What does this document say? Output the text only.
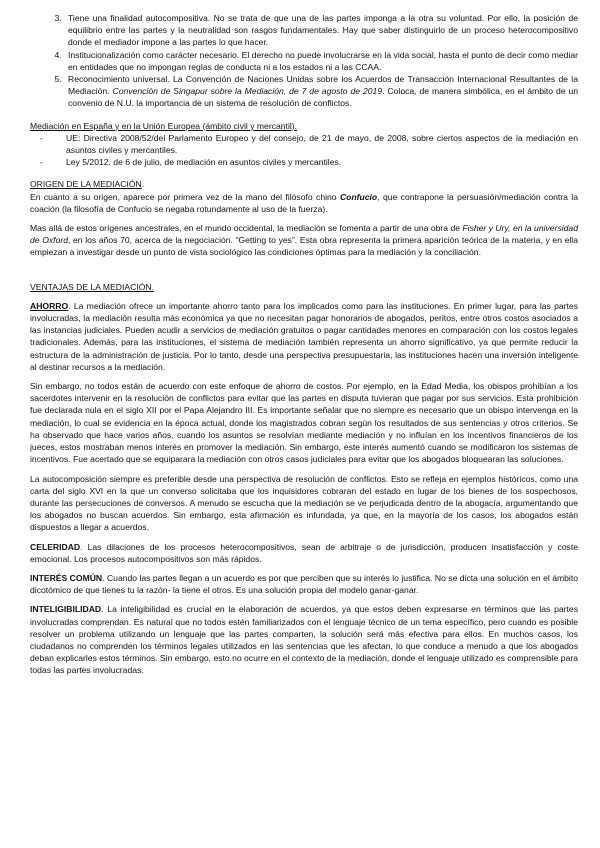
3. Tiene una finalidad autocompositiva. No se trata de que una de las partes imponga a la otra su voluntad. Por ello, la posición de equilibrio entre las partes y la neutralidad son rasgos fundamentales. Hay que saber distinguirlo de un proceso heterocompositivo donde el mediador impone a las partes lo que hacer.
4. Institucionalización como carácter necesario. El derecho no puede involucrarse en la vida social, hasta el punto de decir como mediar en entidades que no impongan reglas de conducta ni a los estados ni a las CCAA.
5. Reconocimiento universal. La Convención de Naciones Unidas sobre los Acuerdos de Transacción Internacional Resultantes de la Mediación. Convención de Singapur sobre la Mediación, de 7 de agosto de 2019. Coloca, de manera simbólica, en el ámbito de un convenio de N.U. la importancia de un sistema de resolución de conflictos.

Mediación en España y en la Unión Europea (ámbito civil y mercantil).

- UE: Directiva 2008/52/del Parlamento Europeo y del consejo, de 21 de mayo, de 2008, sobre ciertos aspectos de la mediación en asuntos civiles y mercantiles.
- Ley 5/2012, de 6 de julio, de mediación en asuntos civiles y mercantiles.

ORIGEN DE LA MEDIACIÓN.

En cuanto a su origen, aparece por primera vez de la mano del filósofo chino Confucio, que contrapone la persuasión/mediación contra la coación (la filosofía de Confucio se negaba rotundamente al uso de la fuerza).

Mas allá de estos orígenes ancestrales, en el mundo occidental, la mediación se fomenta a partir de una obra de Fisher y Ury, en la universidad de Oxford, en los años 70, acerca de la negociación. “Getting to yes”. Esta obra representa la primera aparición teórica de la materia, y en ella empiezan a investigar desde un punto de vista sociológico las condiciones óptimas para la mediación y la conciliación.

VENTAJAS DE LA MEDIACIÓN.

AHORRO. La mediación ofrece un importante ahorro tanto para los implicados como para las instituciones. En primer lugar, para las partes involucradas, la mediación resulta más económica ya que no necesitan pagar honorarios de abogados, peritos, entre otros costos asociados a las instancias judiciales. Pueden acudir a servicios de mediación gratuitos o pagar cantidades menores en comparación con los costos legales tradicionales. Además, para las instituciones, el sistema de mediación también representa un ahorro significativo, ya que permite reducir la estructura de la administración de justicia. Por lo tanto, desde una perspectiva presupuestaria, las instituciones hacen una inversión inteligente al destinar recursos a la mediación.

Sin embargo, no todos están de acuerdo con este enfoque de ahorro de costos. Por ejemplo, en la Edad Media, los obispos prohibían a los sacerdotes intervenir en la resolución de conflictos para evitar que las partes en disputa tuvieran que pagar por sus servicios. Esta prohibición fue declarada nula en el siglo XII por el Papa Alejandro III. Es importante señalar que no siempre es necesario que un obispo intervenga en la mediación, lo cual se evidencia en la época actual, donde los magistrados cobran según los resultados de sus sentencias y otros criterios. Se ha observado que hace varios años, cuando los asuntos se resolvían mediante mediación y no influían en los incentivos financieros de los jueces, estos mostraban menos interés en promover la mediación. Sin embargo, este interés aumentó cuando se modificaron los sistemas de incentivos. Fue acertado que se equiparara la mediación con otros casos judiciales para evitar que los abogados bloquearan las soluciones.

La autocomposición siempre es preferible desde una perspectiva de resolución de conflictos. Esto se refleja en ejemplos históricos, como una carta del siglo XVI en la que un converso solicitaba que los inquisidores cobraran del estado en lugar de los bienes de los sospechosos, durante las persecuciones de conversos. A menudo se escucha que la mediación se ve perjudicada dentro de la abogacía, argumentando que los abogados no buscan acuerdos. Sin embargo, esta afirmación es infundada, ya que, en la mayoría de los casos, los abogados están dispuestos a llegar a acuerdos.

CELERIDAD. Las dilaciones de los procesos heterocompositivos, sean de arbitraje o de jurisdicción, producen insatisfacción y coste emocional. Los procesos autocompositivos son más rápidos.

INTERÉS COMÚN. Cuando las partes llegan a un acuerdo es por que perciben que su interés lo justifica. No se dicta una solución en el ámbito dicotómico de que tienes tu la razón- la tiene el otros. Es una solución propia del modelo ganar-ganar.

INTELIGIBILIDAD. La inteligibilidad es crucial en la elaboración de acuerdos, ya que estos deben expresarse en términos que las partes involucradas comprendan. Es natural que no todos estén familiarizados con el lenguaje técnico de un tema específico, pero cuando es posible resolver un problema utilizando un lenguaje que las partes comparten, la solución será más efectiva para ellos. En muchos casos, los ciudadanos no comprenden los términos legales utilizados en las sentencias que les afectan, lo que conduce a menudo a que los abogados deban explicarles estos términos. Sin embargo, esto no ocurre en el contexto de la mediación, donde el lenguaje utilizado es comprensible para todas las partes involucradas.
